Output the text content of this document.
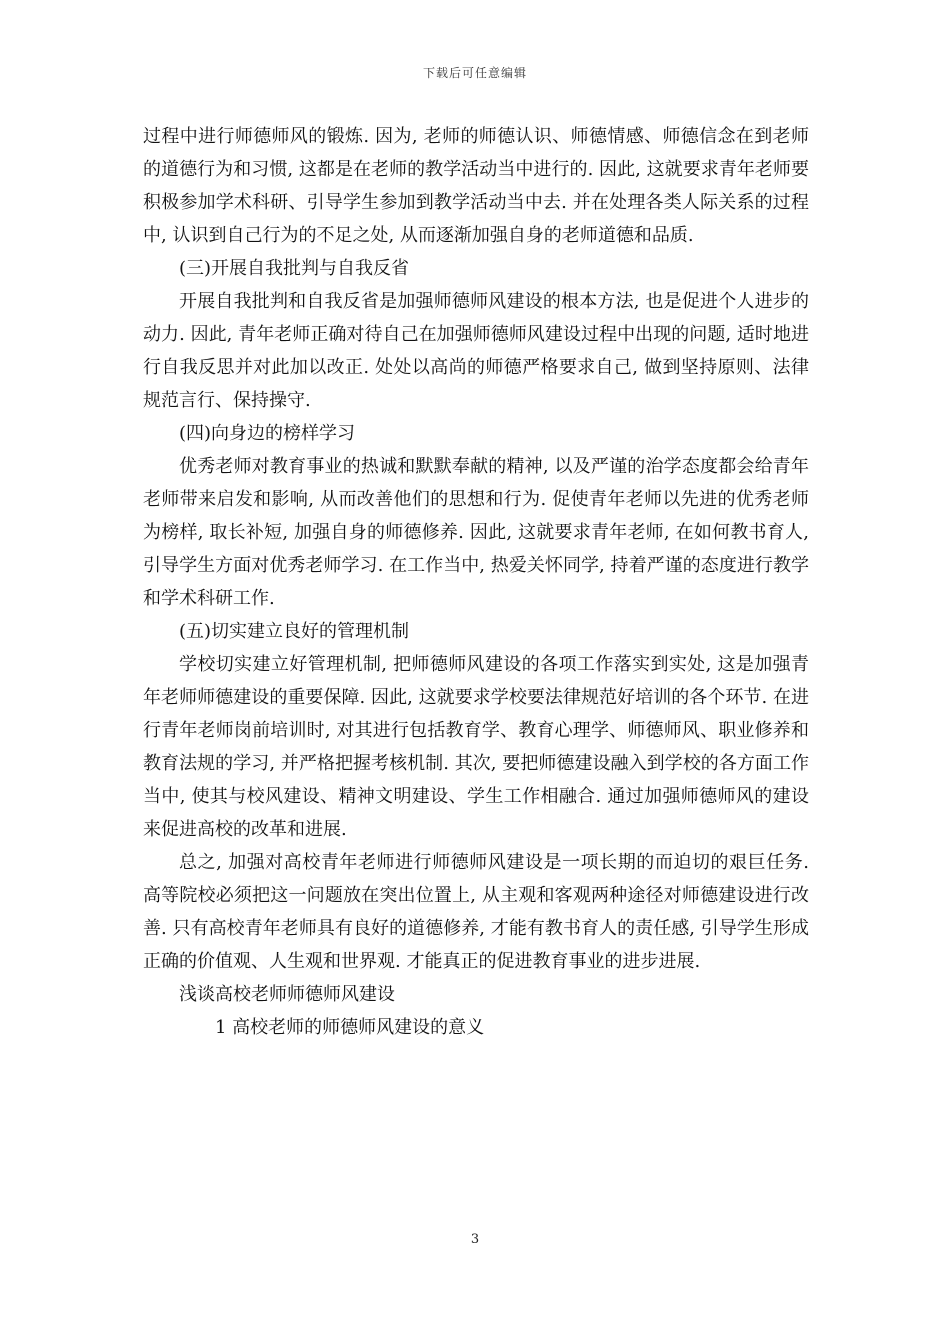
下载后可任意编辑

过程中进行师德师风的锻炼. 因为, 老师的师德认识、师德情感、师德信念在到老师的道德行为和习惯, 这都是在老师的教学活动当中进行的. 因此, 这就要求青年老师要积极参加学术科研、引导学生参加到教学活动当中去. 并在处理各类人际关系的过程中, 认识到自己行为的不足之处, 从而逐渐加强自身的老师道德和品质.

(三)开展自我批判与自我反省

开展自我批判和自我反省是加强师德师风建设的根本方法, 也是促进个人进步的动力. 因此, 青年老师正确对待自己在加强师德师风建设过程中出现的问题, 适时地进行自我反思并对此加以改正. 处处以高尚的师德严格要求自己, 做到坚持原则、法律规范言行、保持操守.

(四)向身边的榜样学习

优秀老师对教育事业的热诚和默默奉献的精神, 以及严谨的治学态度都会给青年老师带来启发和影响, 从而改善他们的思想和行为. 促使青年老师以先进的优秀老师为榜样, 取长补短, 加强自身的师德修养. 因此, 这就要求青年老师, 在如何教书育人, 引导学生方面对优秀老师学习. 在工作当中, 热爱关怀同学, 持着严谨的态度进行教学和学术科研工作.

(五)切实建立良好的管理机制

学校切实建立好管理机制, 把师德师风建设的各项工作落实到实处, 这是加强青年老师师德建设的重要保障. 因此, 这就要求学校要法律规范好培训的各个环节. 在进行青年老师岗前培训时, 对其进行包括教育学、教育心理学、师德师风、职业修养和教育法规的学习, 并严格把握考核机制. 其次, 要把师德建设融入到学校的各方面工作当中, 使其与校风建设、精神文明建设、学生工作相融合. 通过加强师德师风的建设来促进高校的改革和进展.

总之, 加强对高校青年老师进行师德师风建设是一项长期的而迫切的艰巨任务. 高等院校必须把这一问题放在突出位置上, 从主观和客观两种途径对师德建设进行改善. 只有高校青年老师具有良好的道德修养, 才能有教书育人的责任感, 引导学生形成正确的价值观、人生观和世界观. 才能真正的促进教育事业的进步进展.

浅谈高校老师师德师风建设

1 高校老师的师德师风建设的意义

3
